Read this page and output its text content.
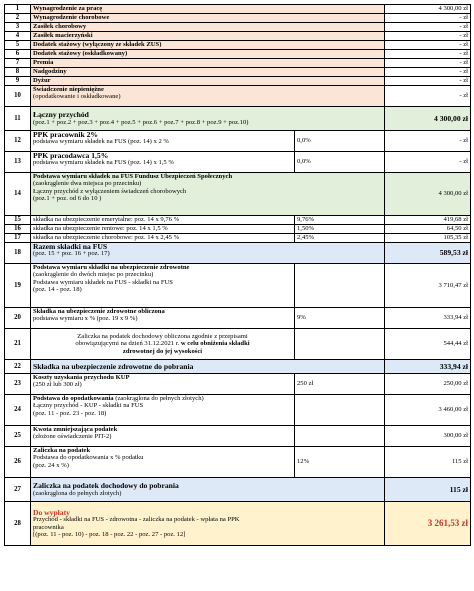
1	Wynagrodzenie za pracę		4 300,00 zł
2	Wynagrodzenie chorobowe		- zł
3	Zasiłek chorobowy		- zł
4	Zasiłek macierzyński		- zł
5	Dodatek stażowy (wyłączony ze składek ZUS)		- zł
6	Dodatek stażowy (oskładkowany)		- zł
7	Premia		- zł
8	Nadgodziny		- zł
9	Dyżur		- zł
10	Świadczenie niepieniężne
(opodatkowanie i oskładkowane)		- zł
11	Łączny przychód
(poz.1 + poz.2 + poz.3 + poz.4 + poz.5 + poz.6 + poz.7 + poz.8 + poz.9 + poz.10)		4 300,00 zł
12	PPK pracownik 2%
podstawa wymiaru składek na FUS (poz. 14) x 2 %	0,0%	- zł
13	PPK pracodawca 1,5%
podstawa wymiaru składek na FUS (poz. 14) x 1,5 %	0,0%	- zł
14	Podstawa wymiaru składek na FUS Fundusz Ubezpieczeń Społecznych
(zaokrąglenie dwa miejsca po przecinku)
Łączny przychód z wyłączeniem świadczeń chorobowych
(poz.1 + poz. od 6 do 10 )		4 300,00 zł
15	składka na ubezpieczenie emerytalne: poz. 14 x 9,76 %	9,76%	419,68 zł
16	składka na ubezpieczenie rentowe: poz. 14 x 1,5 %	1,50%	64,50 zł
17	składka na ubezpieczenie chorobowe: poz. 14 x 2,45 %	2,45%	105,35 zł
18	Razem składki na FUS
(poz. 15 + poz. 16 + poz. 17)		589,53 zł
19	Podstawa wymiaru składki na ubezpieczenie zdrowotne
(zaokrąglenie do dwóch miejsc po przecinku)
Podstawa wymiaru składek na FUS - składki na FUS
(poz. 14 - poz. 18)		3 710,47 zł
20	Składka na ubezpieczenie zdrowotne obliczona
podstawa wymiaru x % (poz. 19 x 9 %)	9%	333,94 zł
21	Zaliczka na podatek dochodowy obliczona zgodnie z przepisami
obowiązującymi na dzień 31.12.2021 r. w celu obniżenia składki
zdrowotnej do jej wysokości		544,44 zł
22	Składka na ubezpieczenie zdrowotne do pobrania		333,94 zł
23	Koszty uzyskania przychodu KUP
(250 zł lub 300 zł)	250 zł	250,00 zł
24	Podstawa do opodatkowania (zaokrąglona do pełnych złotych)
Łączny przychód - KUP - składki na FUS
(poz. 11 - poz. 23 - poz. 18)		3 460,00 zł
25	Kwota zmniejszająca podatek
(złożone oświadczenie PIT-2)		300,00 zł
26	Zaliczka na podatek
Podstawa do opodatkowania x % podatku
(poz. 24 x %)	12%	115 zł
27	Zaliczka na podatek dochodowy do pobrania
(zaokrąglona do pełnych złotych)		115 zł
28	Do wypłaty
Przychód - składki na FUS - zdrowotna - zaliczka na podatek - wpłata na PPK
pracownika
[(poz. 11 - poz. 10) - poz. 18 - poz. 22 - poz. 27 - poz. 12]		3 261,53 zł
